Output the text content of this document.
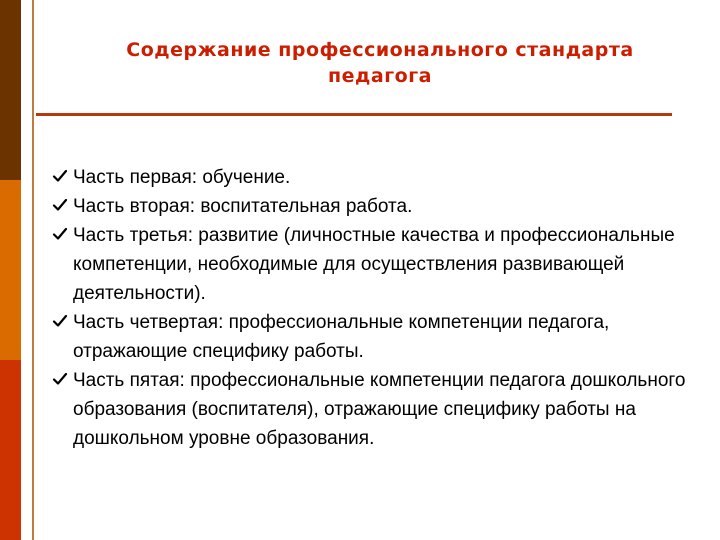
Содержание профессионального стандарта
педагога
Часть первая: обучение.
Часть вторая: воспитательная работа.
Часть третья: развитие (личностные качества и профессиональные компетенции, необходимые для осуществления развивающей деятельности).
Часть четвертая: профессиональные компетенции педагога, отражающие специфику работы.
Часть пятая: профессиональные компетенции педагога дошкольного образования (воспитателя), отражающие специфику работы на дошкольном уровне образования.
